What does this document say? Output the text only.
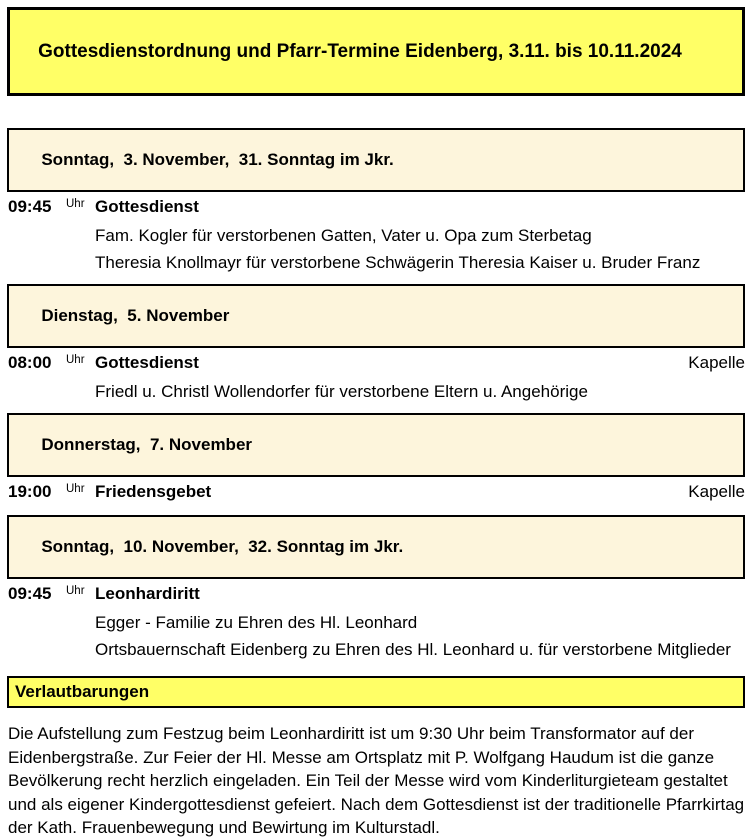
Gottesdienstordnung und Pfarr-Termine Eidenberg, 3.11. bis 10.11.2024

Sonntag,  3. November,  31. Sonntag im Jkr.

09:45	Uhr Gottesdienst

Fam. Kogler für verstorbenen Gatten, Vater u. Opa zum Sterbetag

Theresia Knollmayr für verstorbene Schwägerin Theresia Kaiser u. Bruder Franz

Dienstag,  5. November

08:00	Uhr Gottesdienst	Kapelle

Friedl u. Christl Wollendorfer für verstorbene Eltern u. Angehörige

Donnerstag,  7. November

19:00	Uhr Friedensgebet	Kapelle

Sonntag,  10. November,  32. Sonntag im Jkr.

09:45	Uhr Leonhardiritt

Egger - Familie zu Ehren des Hl. Leonhard

Ortsbauernschaft Eidenberg zu Ehren des Hl. Leonhard u. für verstorbene Mitglieder

Verlautbarungen

Die Aufstellung zum Festzug beim Leonhardiritt ist um 9:30 Uhr beim Transformator auf der Eidenbergstraße. Zur Feier der Hl. Messe am Ortsplatz mit P. Wolfgang Haudum ist die ganze Bevölkerung recht herzlich eingeladen. Ein Teil der Messe wird vom Kinderliturgieteam gestaltet und als eigener Kindergottesdienst gefeiert. Nach dem Gottesdienst ist der traditionelle Pfarrkirtag der Kath. Frauenbewegung und Bewirtung im Kulturstadl.
